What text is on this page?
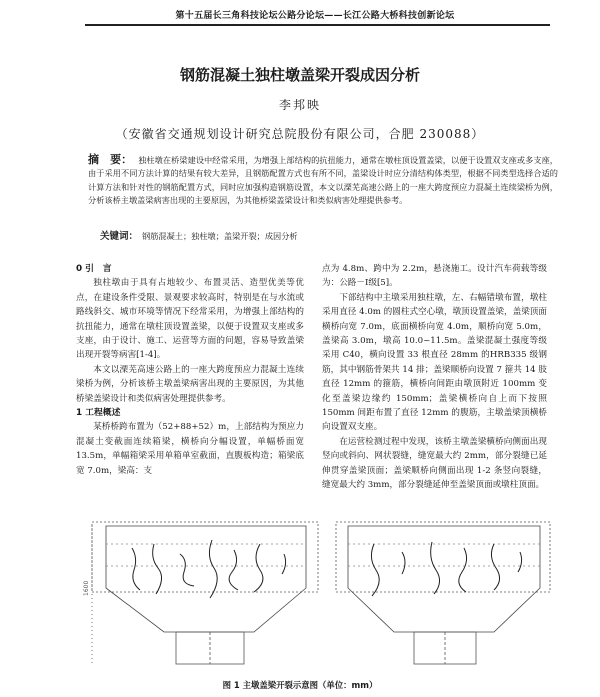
第十五届长三角科技论坛公路分论坛——长江公路大桥科技创新论坛
钢筋混凝土独柱墩盖梁开裂成因分析
李邦映
（安徽省交通规划设计研究总院股份有限公司，合肥 230088）
摘　要： 独柱墩在桥梁建设中经常采用，为增强上部结构的抗扭能力，通常在墩柱顶设置盖梁，以便于设置双支座或多支座，由于采用不同方法计算的结果有较大差异，且钢筋配置方式也有所不同，盖梁设计时应分清结构体类型，根据不同类型选择合适的计算方法和针对性的钢筋配置方式，同时应加强构造钢筋设置，本文以溧芜高速公路上的一座大跨度预应力混凝土连续梁桥为例，分析该桥主墩盖梁病害出现的主要原因，为其他桥梁盖梁设计和类似病害处理提供参考。
关键词： 钢筋混凝土；独柱墩；盖梁开裂；成因分析

0 引　言

独柱墩由于具有占地较少、布置灵活、造型优美等优点，在建设条件受限、景观要求较高时，特别是在与水流或路线斜交、城市环境等情况下经常采用，为增强上部结构的抗扭能力，通常在墩柱顶设置盖梁，以便于设置双支座或多支座，由于设计、施工、运营等方面的问题，容易导致盖梁出现开裂等病害[1-4]。

本文以溧芜高速公路上的一座大跨度预应力混凝土连续梁桥为例，分析该桥主墩盖梁病害出现的主要原因，为其他桥梁盖梁设计和类似病害处理提供参考。

1 工程概述

某桥桥跨布置为（52+88+52）m，上部结构为预应力混凝土变截面连续箱梁，横桥向分幅设置，单幅桥面宽 13.5m，单幅箱梁采用单箱单室截面，直腹板构造；箱梁底宽 7.0m，梁高：支

点为 4.8m、跨中为 2.2m，悬浇施工。设计汽车荷载等级为：公路－Ⅰ级[5]。

下部结构中主墩采用独柱墩，左、右幅错墩布置，墩柱采用直径 4.0m 的圆柱式空心墩，墩顶设置盖梁，盖梁顶面横桥向宽 7.0m，底面横桥向宽 4.0m，顺桥向宽 5.0m，盖梁高 3.0m，墩高 10.0~11.5m。盖梁混凝土强度等级采用 C40，横向设置 33 根直径 28mm 的HRB335 级钢筋，其中钢筋骨架共 14 排；盖梁顺桥向设置 7 箍共 14 肢直径 12mm 的箍筋，横桥向间距由墩顶附近 100mm 变化至盖梁边缘约 150mm；盖梁横桥向自上而下按照 150mm 间距布置了直径 12mm 的腹筋，主墩盖梁顶横桥向设置双支座。

在运营检测过程中发现，该桥主墩盖梁横桥向侧面出现竖向或斜向、网状裂缝，缝宽最大约 2mm，部分裂缝已延伸贯穿盖梁顶面；盖梁顺桥向侧面出现 1-2 条竖向裂缝，缝宽最大约 3mm，部分裂缝延伸至盖梁顶面或墩柱顶面。

1600
图 1 主墩盖梁开裂示意图（单位：mm）
